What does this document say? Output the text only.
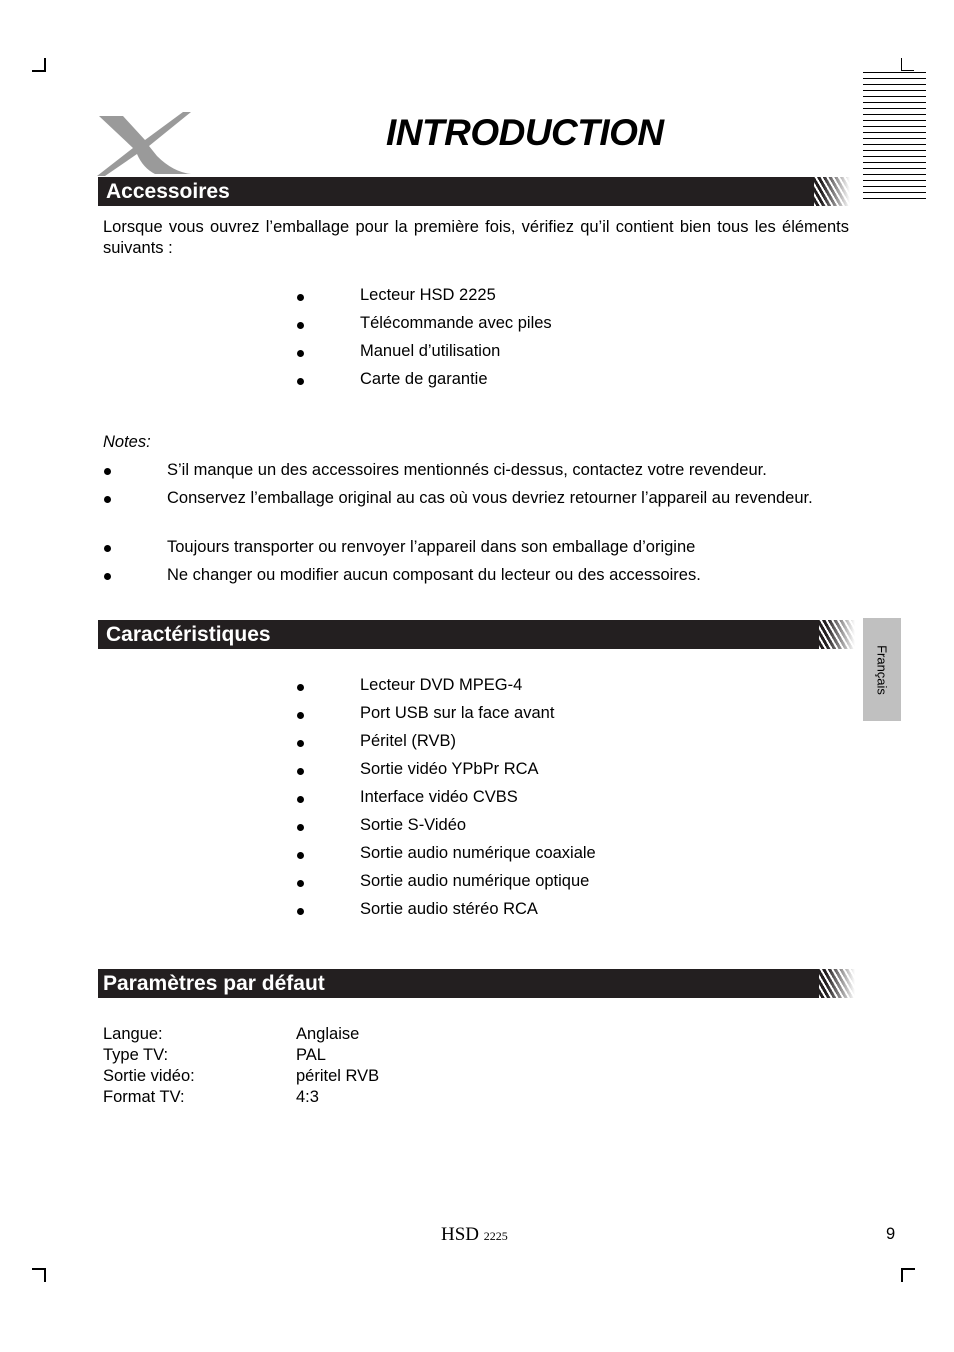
INTRODUCTION
Accessoires
Lorsque vous ouvrez l’emballage pour la première fois, vérifiez qu’il contient bien tous les éléments suivants :
Lecteur HSD 2225
Télécommande avec piles
Manuel d’utilisation
Carte de garantie
Notes:
S’il manque un des accessoires mentionnés ci-dessus, contactez votre revendeur.
Conservez l’emballage original au cas où vous devriez retourner l’appareil au revendeur.
Toujours transporter ou renvoyer l’appareil dans son emballage d’origine
Ne changer ou modifier aucun composant du lecteur ou des accessoires.
Caractéristiques
Lecteur DVD MPEG-4
Port USB sur la face avant
Péritel (RVB)
Sortie vidéo YPbPr RCA
Interface vidéo CVBS
Sortie S-Vidéo
Sortie audio numérique coaxiale
Sortie audio numérique optique
Sortie audio stéréo RCA
Paramètres par défaut
Langue:	Anglaise
Type TV:	PAL
Sortie vidéo:	péritel RVB
Format TV:	4:3
Français
HSD 2225	9
